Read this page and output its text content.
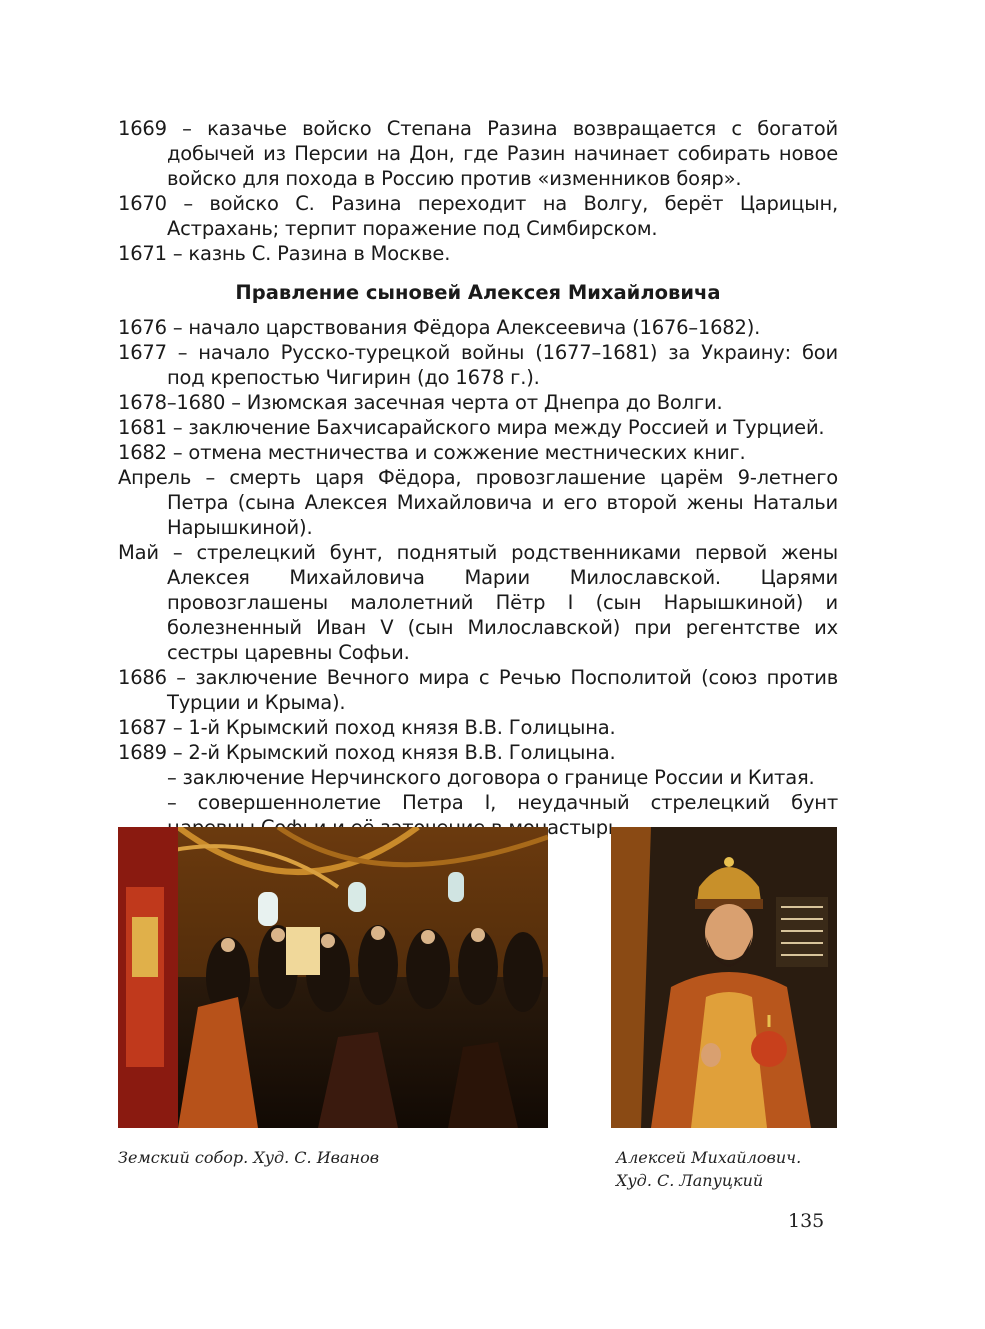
1669 – казачье войско Степана Разина возвращается с богатой добычей из Персии на Дон, где Разин начинает собирать новое войско для похода в Россию против «изменников бояр».

1670 – войско С. Разина переходит на Волгу, берёт Царицын, Астрахань; терпит поражение под Симбирском.

1671 – казнь С. Разина в Москве.

Правление сыновей Алексея Михайловича

1676 – начало царствования Фёдора Алексеевича (1676–1682).

1677 – начало Русско-турецкой войны (1677–1681) за Украину: бои под крепостью Чигирин (до 1678 г.).

1678–1680 – Изюмская засечная черта от Днепра до Волги.

1681 – заключение Бахчисарайского мира между Россией и Турцией.

1682 – отмена местничества и сожжение местнических книг.

Апрель – смерть царя Фёдора, провозглашение царём 9-летнего Петра (сына Алексея Михайловича и его второй жены Натальи Нарышкиной).

Май – стрелецкий бунт, поднятый родственниками первой жены Алексея Михайловича Марии Милославской. Царями провозглашены малолетний Пётр I (сын Нарышкиной) и болезненный Иван V (сын Милославской) при регентстве их сестры царевны Софьи.

1686 – заключение Вечного мира с Речью Посполитой (союз против Турции и Крыма).

1687 – 1-й Крымский поход князя В.В. Голицына.

1689 – 2-й Крымский поход князя В.В. Голицына.

– заключение Нерчинского договора о границе России и Китая.

– совершеннолетие Петра I, неудачный стрелецкий бунт монастырь.

Земский собор. Худ. С. Иванов	Алексей Михайлович.
Худ. С. Лапуцкий
135
